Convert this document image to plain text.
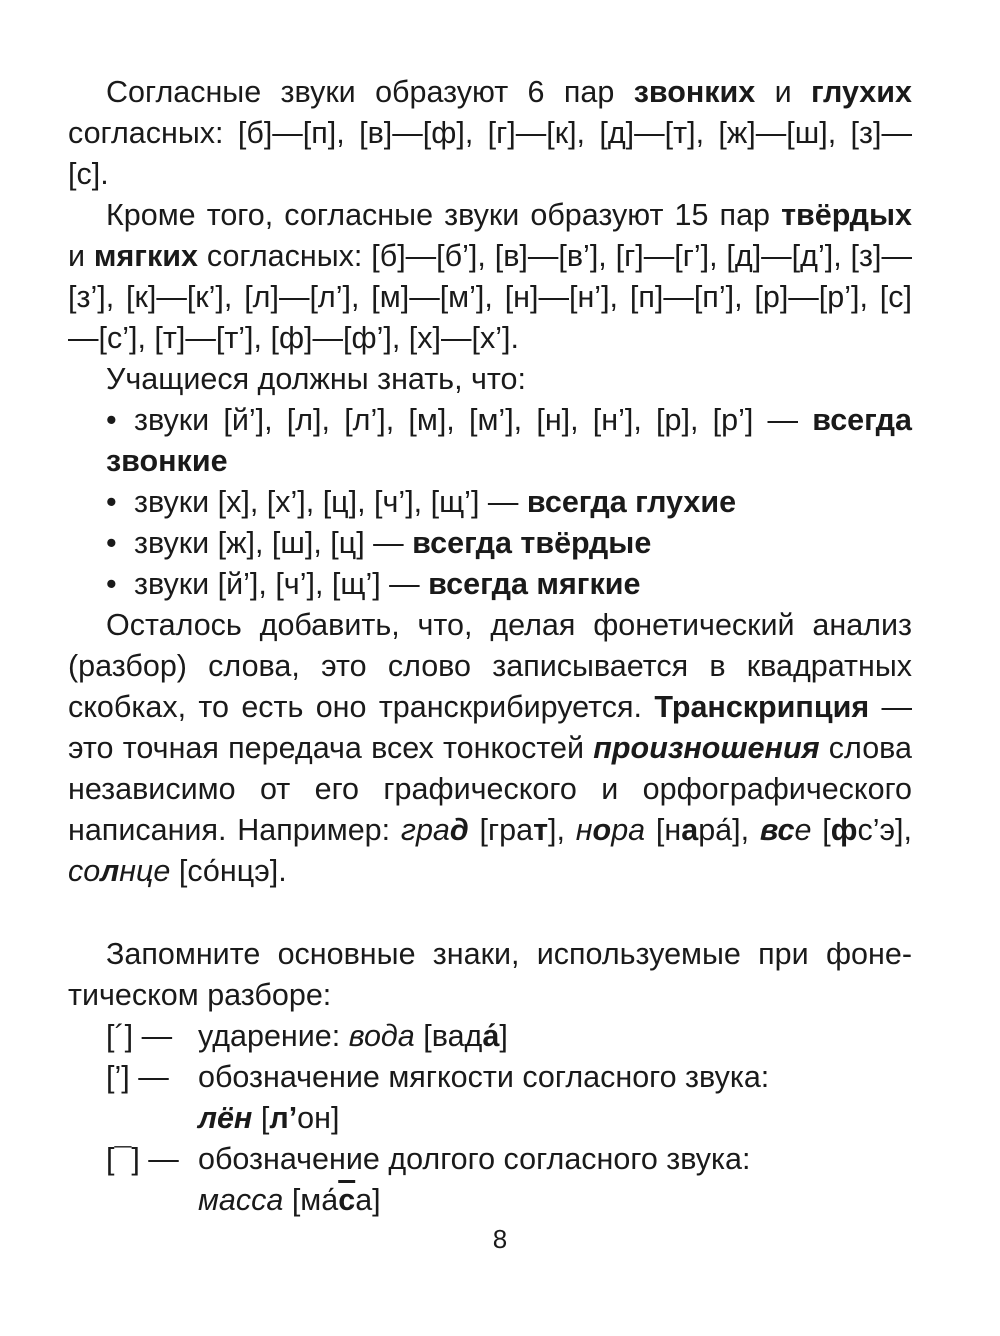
Согласные звуки образуют 6 пар звонких и глухих согласных: [б]—[п], [в]—[ф], [г]—[к], [д]—[т], [ж]—[ш], [з]—[с].

Кроме того, согласные звуки образуют 15 пар твёрдых и мягких согласных: [б]—[б’], [в]—[в’], [г]—[г’], [д]—[д’], [з]—[з’], [к]—[к’], [л]—[л’], [м]—[м’], [н]—[н’], [п]—[п’], [р]—[р’], [с]—[с’], [т]—[т’], [ф]—[ф’], [х]—[х’].

Учащиеся должны знать, что:

• звуки [й’], [л], [л’], [м], [м’], [н], [н’], [р], [р’] — всегда звонкие

• звуки [х], [х’], [ц], [ч’], [щ’] — всегда глухие

• звуки [ж], [ш], [ц] — всегда твёрдые

• звуки [й’], [ч’], [щ’] — всегда мягкие

Осталось добавить, что, делая фонетический анализ (разбор) слова, это слово записывается в квадратных скобках, то есть оно транскрибируется. Транскрипция — это точная передача всех тонкостей произношения слова независимо от его графического и орфографического написания. Например: град [грат], нора [нара́], все [фс’э], солнце [со́нцэ].

Запомните основные знаки, используемые при фонетическом разборе:

[´] — ударение: вода [вада́]
[’] — обозначение мягкости согласного звука:
лён [л’он]
[¯] — обозначение долгого согласного звука:
масса [ма́са]
8
